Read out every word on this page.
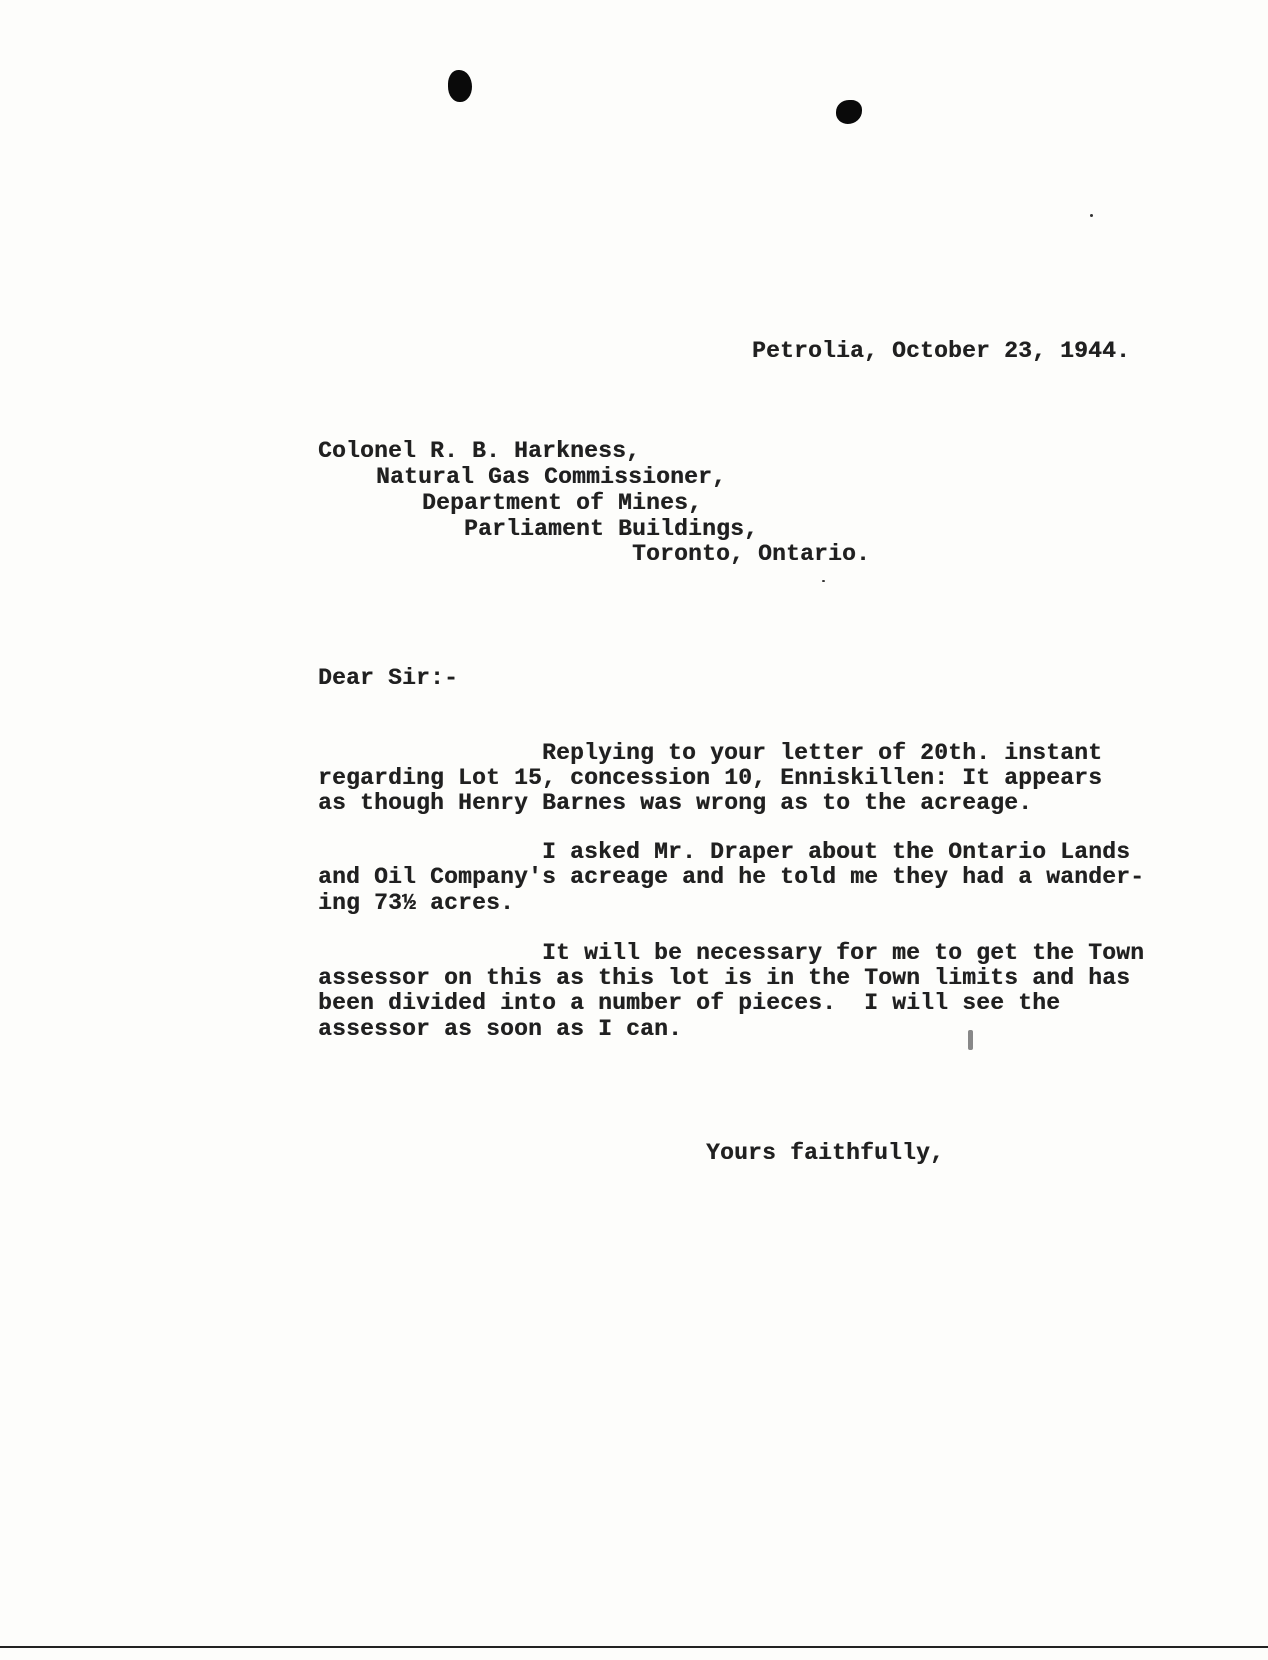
Petrolia, October 23, 1944.
Colonel R. B. Harkness,
Natural Gas Commissioner,
Department of Mines,
Parliament Buildings,
Toronto, Ontario.
Dear Sir:-
Replying to your letter of 20th. instant
regarding Lot 15, concession 10, Enniskillen: It appears
as though Henry Barnes was wrong as to the acreage.
I asked Mr. Draper about the Ontario Lands
and Oil Company's acreage and he told me they had a wander-
ing 73½ acres.
It will be necessary for me to get the Town
assessor on this as this lot is in the Town limits and has
been divided into a number of pieces.  I will see the
assessor as soon as I can.
Yours faithfully,
